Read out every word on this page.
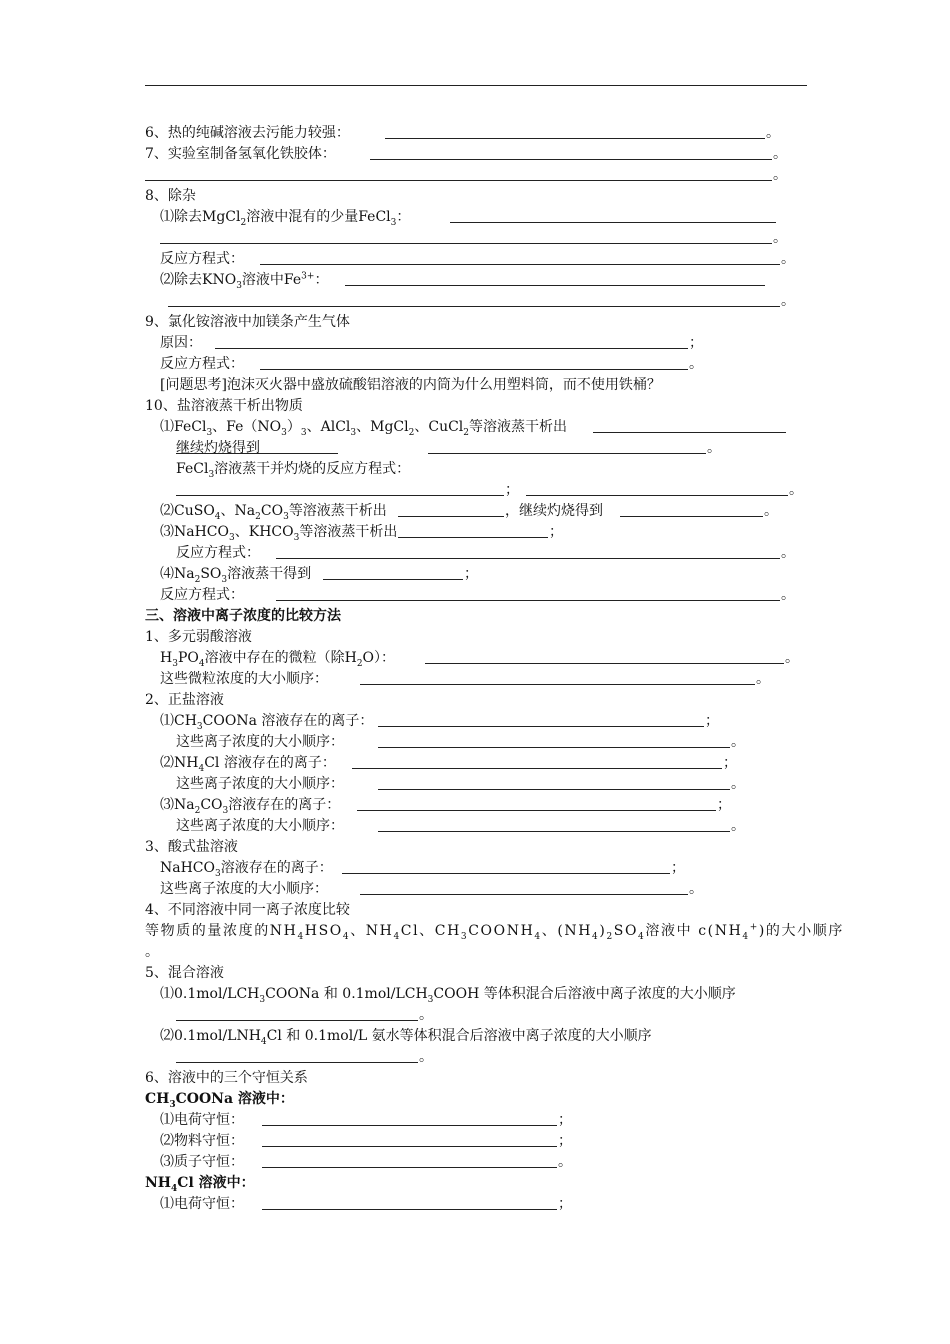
6、热的纯碱溶液去污能力较强：	。
7、实验室制备氢氧化铁胶体：	。
。
8、除杂
⑴除去MgCl$_2$溶液中混有的少量FeCl$_3$：
。
反应方程式：	。
⑵除去$KNO_3$溶液中$Fe^{3+}$：
。
9、氯化铵溶液中加镁条产生气体
原因：	；
反应方程式：	。
[问题思考]泡沫灭火器中盛放硫酸铝溶液的内筒为什么用塑料筒，而不使用铁桶？
10、盐溶液蒸干析出物质
⑴FeCl$_3$、$Fe(NO_3)_3$、AlCl$_3$、MgCl$_2$、CuCl$_2$等溶液蒸干析出
继续灼烧得到	。
FeCl$_3$溶液蒸干并灼烧的反应方程式：
；	。
⑵CuSO$_4$、$Na_2CO_3$等溶液蒸干析出	，继续灼烧得到	。
⑶NaHCO$_3$、$KHCO_3$等溶液蒸干析出	；
反应方程式：	。
$⑷Na_2SO_3$溶液蒸干得到	；
反应方程式：	。
三、溶液中离子浓度的比较方法
1、多元弱酸溶液
$H_3PO_4$溶液中存在的微粒（除$H_2O$）：	。
这些微粒浓度的大小顺序：	。
2、正盐溶液
$⑴CH_3COONa$ 溶液存在的离子：	；
这些离子浓度的大小顺序：	。
$⑵NH_4Cl$ 溶液存在的离子：	；
这些离子浓度的大小顺序：	。
$⑶Na_2CO_3$溶液存在的离子：	；
这些离子浓度的大小顺序：	。
3、酸式盐溶液
NaHCO$_3$溶液存在的离子：	；
这些离子浓度的大小顺序：	。
4、不同溶液中同一离子浓度比较
等物质的量浓度的$NH_4HSO_4$、$NH_4Cl$、$CH_3COONH_4$、$(NH_4)_2SO_4$溶液中 $c(NH_4^+)$的大小顺序
。
5、混合溶液
$⑴0.1mol/LCH_3COONa$ 和 $0.1mol/LCH_3COOH$ 等体积混合后溶液中离子浓度的大小顺序
。
$⑵0.1mol/LNH_4Cl$ 和 0.1mol/L 氨水等体积混合后溶液中离子浓度的大小顺序
。
6、溶液中的三个守恒关系
$CH_3COONa$ 溶液中：
⑴电荷守恒：	；
⑵物料守恒：	；
⑶质子守恒：	。
$NH_4Cl$ 溶液中：
⑴电荷守恒：	；
